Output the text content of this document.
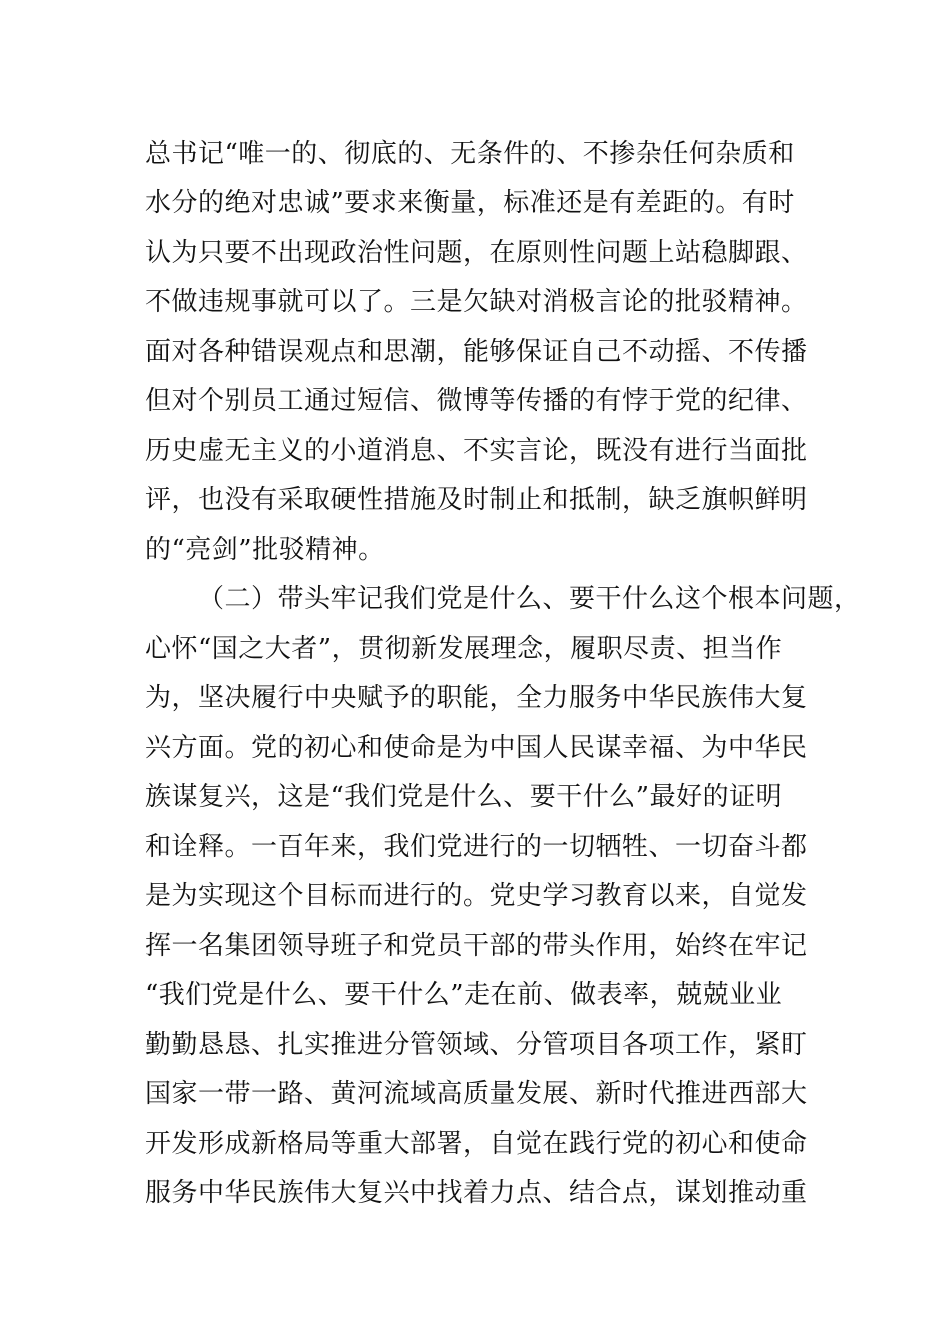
总书记“唯一的、彻底的、无条件的、不掺杂任何杂质和
水分的绝对忠诚”要求来衡量，标准还是有差距的。有时
认为只要不出现政治性问题，在原则性问题上站稳脚跟、
不做违规事就可以了。三是欠缺对消极言论的批驳精神。
面对各种错误观点和思潮，能够保证自己不动摇、不传播
但对个别员工通过短信、微博等传播的有悖于党的纪律、
历史虚无主义的小道消息、不实言论，既没有进行当面批
评，也没有采取硬性措施及时制止和抵制，缺乏旗帜鲜明
的“亮剑”批驳精神。
（二）带头牢记我们党是什么、要干什么这个根本问题，
心怀“国之大者”，贯彻新发展理念，履职尽责、担当作
为，坚决履行中央赋予的职能，全力服务中华民族伟大复
兴方面。党的初心和使命是为中国人民谋幸福、为中华民
族谋复兴，这是“我们党是什么、要干什么”最好的证明
和诠释。一百年来，我们党进行的一切牺牲、一切奋斗都
是为实现这个目标而进行的。党史学习教育以来，自觉发
挥一名集团领导班子和党员干部的带头作用，始终在牢记
“我们党是什么、要干什么”走在前、做表率，兢兢业业
勤勤恳恳、扎实推进分管领域、分管项目各项工作，紧盯
国家一带一路、黄河流域高质量发展、新时代推进西部大
开发形成新格局等重大部署，自觉在践行党的初心和使命
服务中华民族伟大复兴中找着力点、结合点，谋划推动重
